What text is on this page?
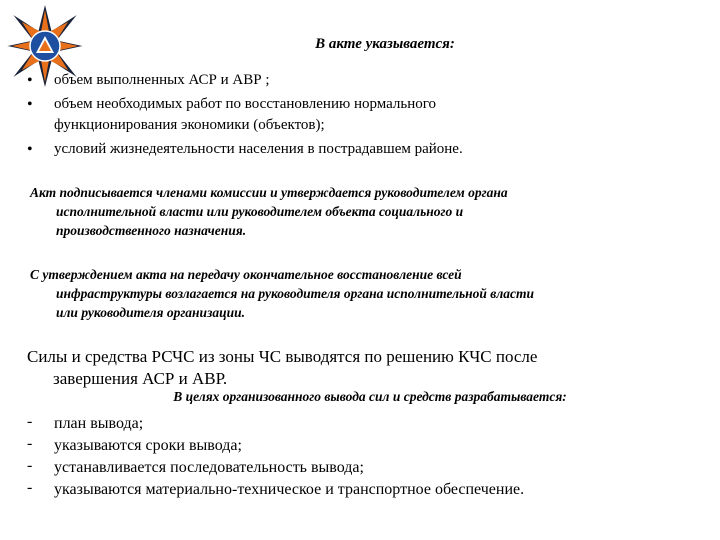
В акте указывается:
• объем выполненных АСР и АВР ;
• объем необходимых работ по восстановлению нормального
функционирования экономики (объектов);
• условий жизнедеятельности населения в пострадавшем районе.
Акт подписывается членами комиссии и утверждается руководителем органа
исполнительной власти или руководителем объекта социального и
производственного назначения.
С утверждением акта на передачу окончательное восстановление всей
инфраструктуры возлагается на руководителя органа исполнительной власти
или руководителя организации.
Силы и средства РСЧС из зоны ЧС выводятся по решению КЧС после
завершения АСР и АВР.
В целях организованного вывода сил и средств разрабатывается:
- план вывода;
- указываются сроки вывода;
- устанавливается последовательность вывода;
- указываются материально-техническое и транспортное обеспечение.
